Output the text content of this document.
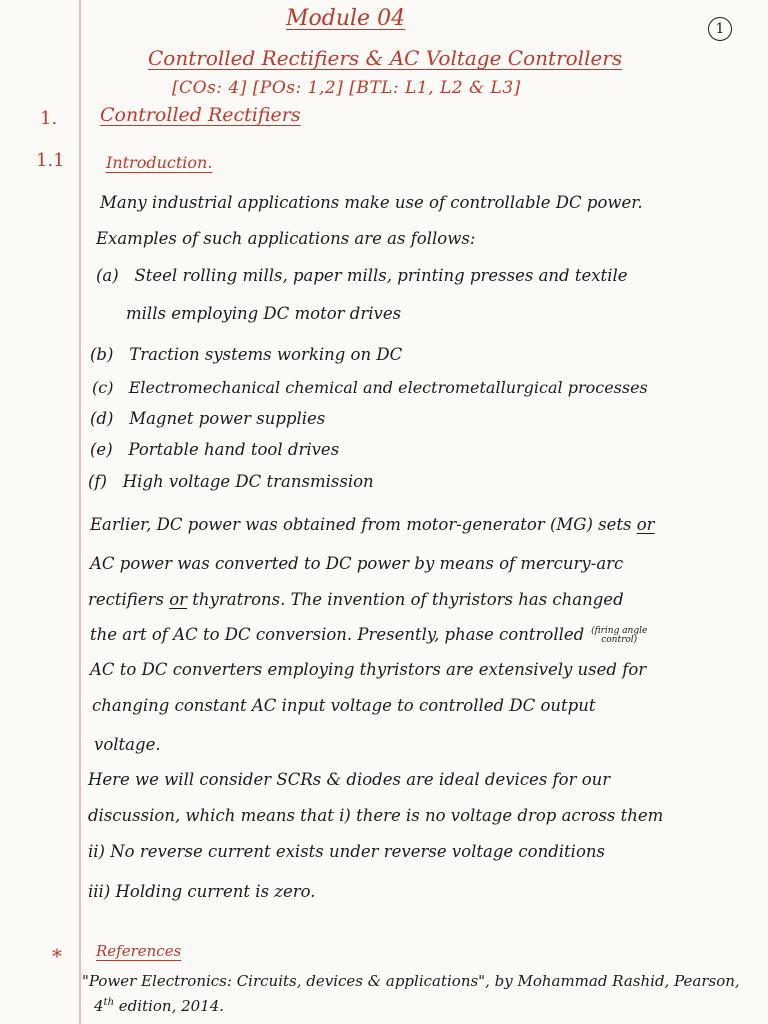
Module 04	1
Controlled Rectifiers & AC Voltage Controllers
[COs: 4] [POs: 1,2] [BTL: L1, L2 & L3]
1. Controlled Rectifiers
1.1	Introduction.
Many industrial applications make use of controllable DC power.
Examples of such applications are as follows:
(a) Steel rolling mills, paper mills, printing presses and textile
mills employing DC motor drives
(b) Traction systems working on DC
(c) Electromechanical chemical and electrometallurgical processes
(d) Magnet power supplies
(e) Portable hand tool drives
(f) High voltage DC transmission
Earlier, DC power was obtained from motor-generator (MG) sets or
AC power was converted to DC power by means of mercury-arc
rectifiers or thyratrons. The invention of thyristors has changed
the art of AC to DC conversion. Presently, phase controlled (firing angle control)
AC to DC converters employing thyristors are extensively used for
changing constant AC input voltage to controlled DC output
voltage.
Here we will consider SCRs & diodes are ideal devices for our
discussion, which means that i) there is no voltage drop across them
ii) No reverse current exists under reverse voltage conditions
iii) Holding current is zero.
* References
"Power Electronics: Circuits, devices & applications", by Mohammad Rashid, Pearson,
4th edition, 2014.
